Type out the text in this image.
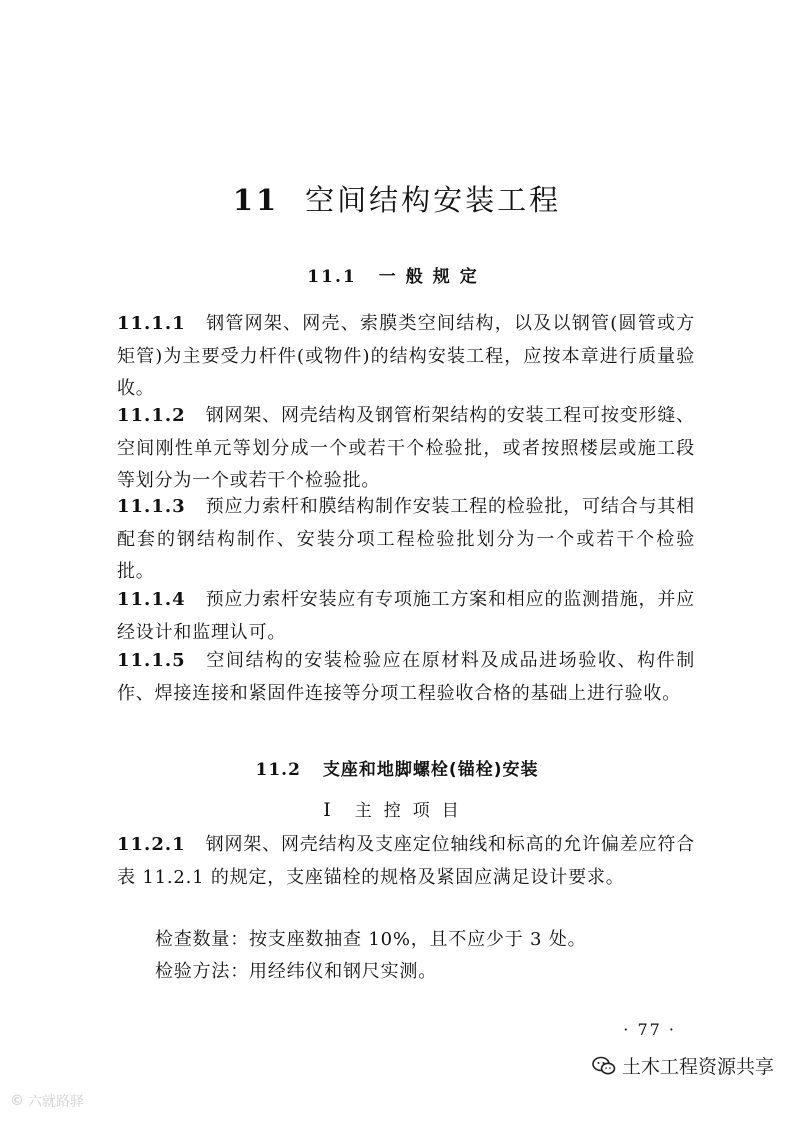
11 空间结构安装工程
11.1 一般规定
11.1.1 钢管网架、网壳、索膜类空间结构，以及以钢管(圆管或方矩管)为主要受力杆件(或物件)的结构安装工程，应按本章进行质量验收。
11.1.2 钢网架、网壳结构及钢管桁架结构的安装工程可按变形缝、空间刚性单元等划分成一个或若干个检验批，或者按照楼层或施工段等划分为一个或若干个检验批。
11.1.3 预应力索杆和膜结构制作安装工程的检验批，可结合与其相配套的钢结构制作、安装分项工程检验批划分为一个或若干个检验批。
11.1.4 预应力索杆安装应有专项施工方案和相应的监测措施，并应经设计和监理认可。
11.1.5 空间结构的安装检验应在原材料及成品进场验收、构件制作、焊接连接和紧固件连接等分项工程验收合格的基础上进行验收。
11.2 支座和地脚螺栓(锚栓)安装
Ⅰ 主控项目
11.2.1 钢网架、网壳结构及支座定位轴线和标高的允许偏差应符合表 11.2.1 的规定，支座锚栓的规格及紧固应满足设计要求。
检查数量：按支座数抽查 10%，且不应少于 3 处。
检验方法：用经纬仪和钢尺实测。
· 77 ·
© 六就路驿
土木工程资源共享
